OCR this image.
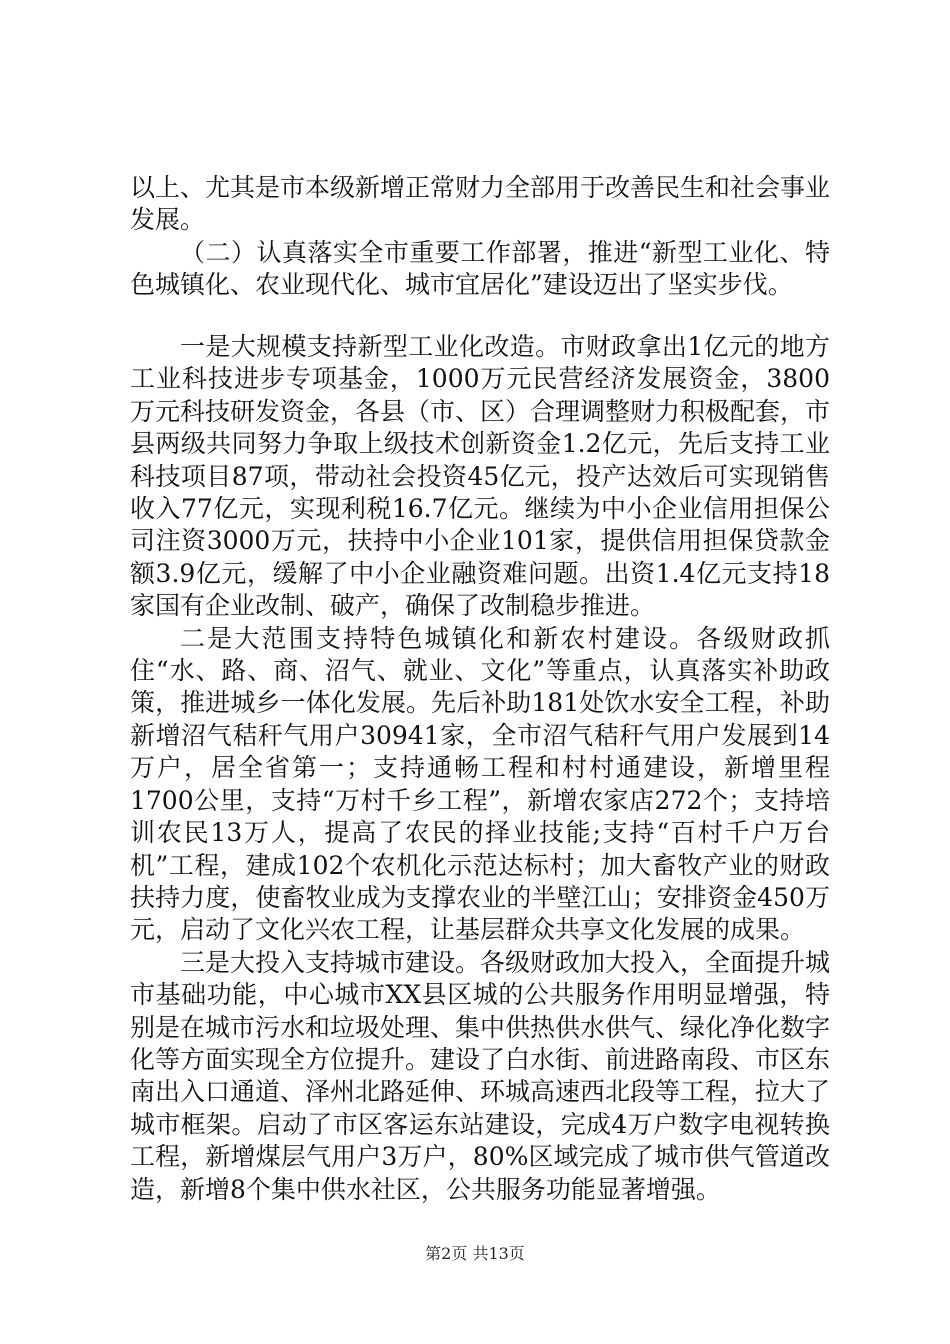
以上、尤其是市本级新增正常财力全部用于改善民生和社会事业发展。

（二）认真落实全市重要工作部署，推进“新型工业化、特色城镇化、农业现代化、城市宜居化”建设迈出了坚实步伐。

一是大规模支持新型工业化改造。市财政拿出1亿元的地方工业科技进步专项基金，1000万元民营经济发展资金，3800万元科技研发资金，各县（市、区）合理调整财力积极配套，市县两级共同努力争取上级技术创新资金1.2亿元，先后支持工业科技项目87项，带动社会投资45亿元，投产达效后可实现销售收入77亿元，实现利税16.7亿元。继续为中小企业信用担保公司注资3000万元，扶持中小企业101家，提供信用担保贷款金额3.9亿元，缓解了中小企业融资难问题。出资1.4亿元支持18家国有企业改制、破产，确保了改制稳步推进。

二是大范围支持特色城镇化和新农村建设。各级财政抓住“水、路、商、沼气、就业、文化”等重点，认真落实补助政策，推进城乡一体化发展。先后补助181处饮水安全工程，补助新增沼气秸秆气用户30941家，全市沼气秸秆气用户发展到14万户，居全省第一；支持通畅工程和村村通建设，新增里程1700公里，支持“万村千乡工程”，新增农家店272个；支持培训农民13万人，提高了农民的择业技能;支持“百村千户万台机”工程，建成102个农机化示范达标村；加大畜牧产业的财政扶持力度，使畜牧业成为支撑农业的半壁江山；安排资金450万元，启动了文化兴农工程，让基层群众共享文化发展的成果。

三是大投入支持城市建设。各级财政加大投入，全面提升城市基础功能，中心城市XX县区城的公共服务作用明显增强，特别是在城市污水和垃圾处理、集中供热供水供气、绿化净化数字化等方面实现全方位提升。建设了白水街、前进路南段、市区东南出入口通道、泽州北路延伸、环城高速西北段等工程，拉大了城市框架。启动了市区客运东站建设，完成4万户数字电视转换工程，新增煤层气用户3万户，80%区域完成了城市供气管道改造，新增8个集中供水社区，公共服务功能显著增强。

第2页 共13页
